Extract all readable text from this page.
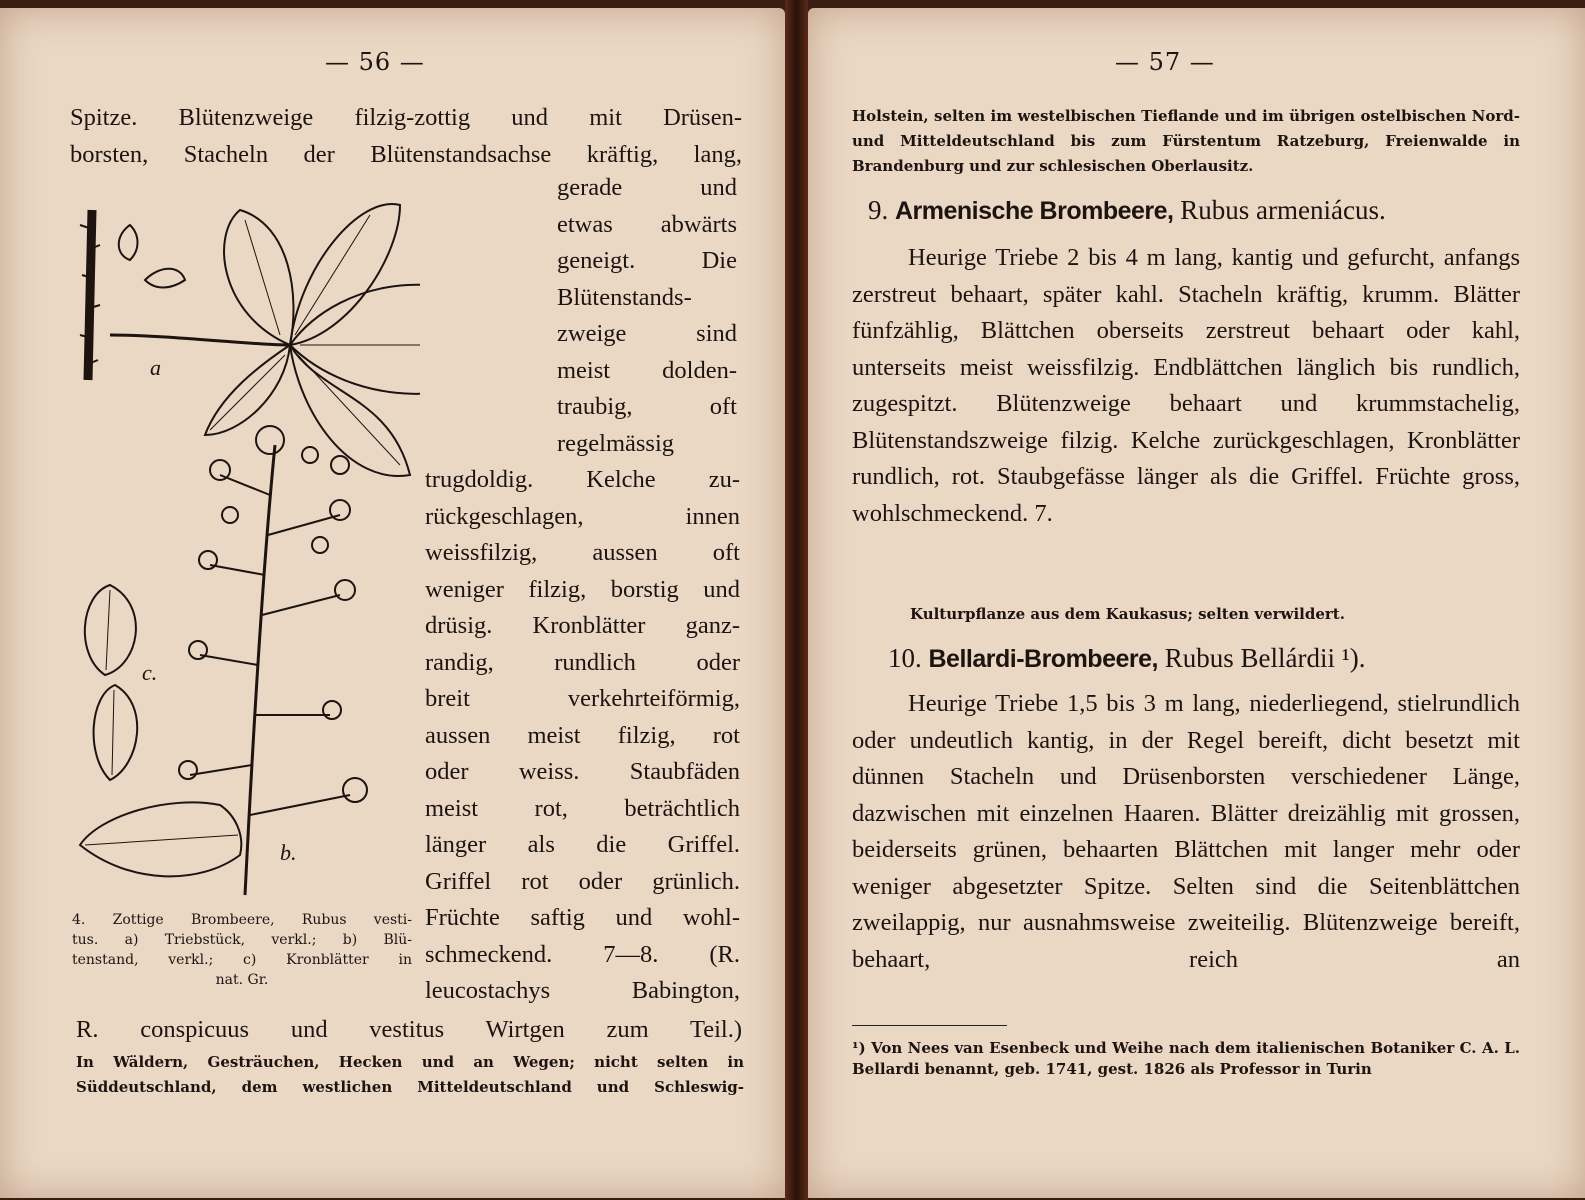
— 56 —
Spitze. Blütenzweige filzig-zottig und mit Drüsen-
borsten, Stacheln der Blütenstandsachse kräftig, lang,
gerade und
etwas abwärts
geneigt. Die
Blütenstands-
zweige sind
meist dolden-
traubig, oft
regelmässig
trugdoldig. Kelche zu-
rückgeschlagen, innen
weissfilzig, aussen oft
weniger filzig, borstig und
drüsig. Kronblätter ganz-
randig, rundlich oder
breit verkehrteiförmig,
aussen meist filzig, rot
oder weiss. Staubfäden
meist rot, beträchtlich
länger als die Griffel.
Griffel rot oder grünlich.
Früchte saftig und wohl-
schmeckend. 7—8. (R.
leucostachys Babington,
R. conspicuus und vestitus Wirtgen zum Teil.)
In Wäldern, Gesträuchen, Hecken und an Wegen; nicht selten in Süddeutschland, dem westlichen Mitteldeutschland und Schleswig-
a
b.
c.
4. Zottige Brombeere, Rubus vesti-
tus. a) Triebstück, verkl.; b) Blü-
tenstand, verkl.; c) Kronblätter in
nat. Gr.
— 57 —
Holstein, selten im westelbischen Tieflande und im übrigen ostelbischen Nord- und Mitteldeutschland bis zum Fürstentum Ratzeburg, Freienwalde in Brandenburg und zur schlesischen Oberlausitz.
9. Armenische Brombeere, Rubus armeniácus.
Heurige Triebe 2 bis 4 m lang, kantig und gefurcht, anfangs zerstreut behaart, später kahl. Stacheln kräftig, krumm. Blätter fünfzählig, Blättchen oberseits zerstreut behaart oder kahl, unterseits meist weissfilzig. Endblättchen länglich bis rundlich, zugespitzt. Blütenzweige behaart und krummstachelig, Blütenstandszweige filzig. Kelche zurückgeschlagen, Kronblätter rundlich, rot. Staubgefässe länger als die Griffel. Früchte gross, wohlschmeckend. 7.
Kulturpflanze aus dem Kaukasus; selten verwildert.
10. Bellardi-Brombeere, Rubus Bellárdii ¹).
Heurige Triebe 1,5 bis 3 m lang, niederliegend, stielrundlich oder undeutlich kantig, in der Regel bereift, dicht besetzt mit dünnen Stacheln und Drüsenborsten verschiedener Länge, dazwischen mit einzelnen Haaren. Blätter dreizählig mit grossen, beiderseits grünen, behaarten Blättchen mit langer mehr oder weniger abgesetzter Spitze. Selten sind die Seitenblättchen zweilappig, nur ausnahmsweise zweiteilig. Blütenzweige bereift, behaart, reich an
¹) Von Nees van Esenbeck und Weihe nach dem italienischen Botaniker C. A. L. Bellardi benannt, geb. 1741, gest. 1826 als Professor in Turin
